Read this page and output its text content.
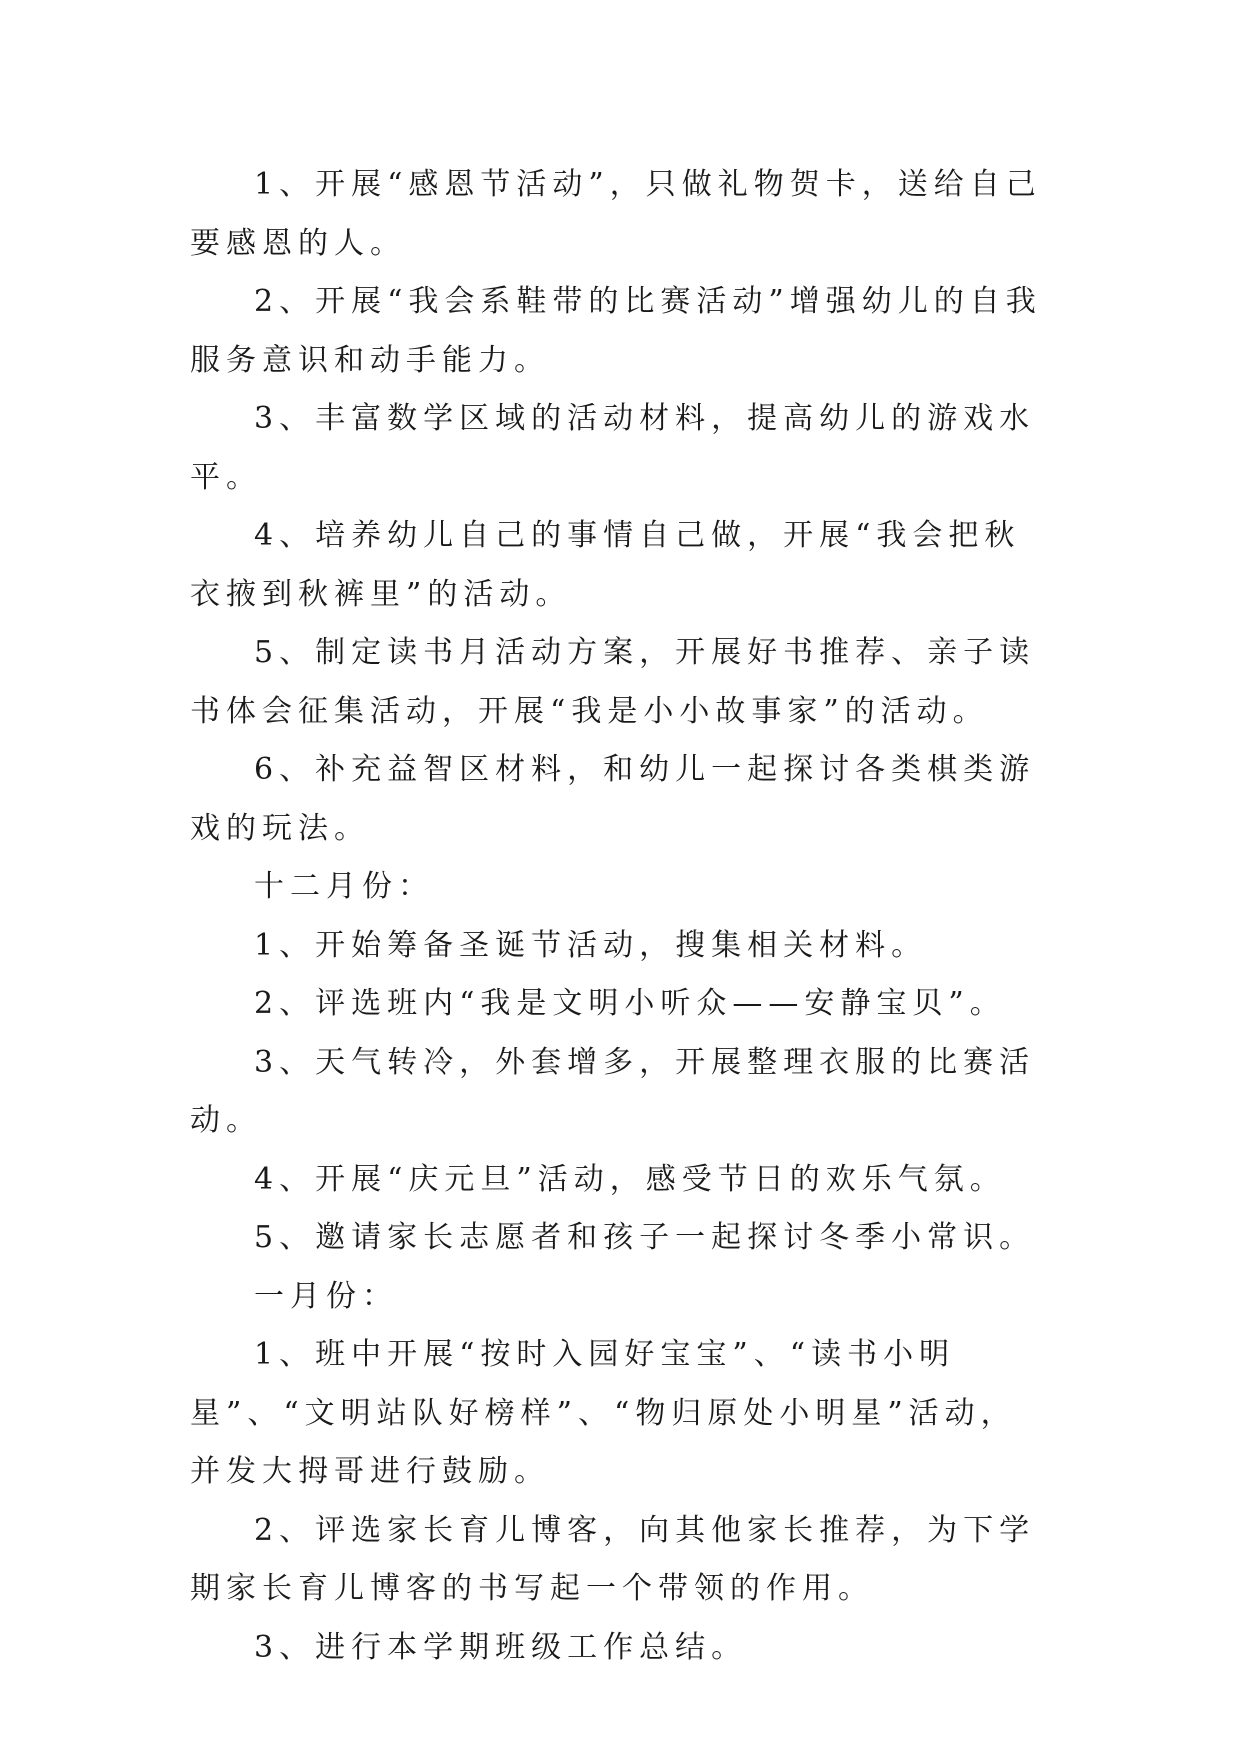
1、开展“感恩节活动”，只做礼物贺卡，送给自己要感恩的人。

2、开展“我会系鞋带的比赛活动”增强幼儿的自我服务意识和动手能力。

3、丰富数学区域的活动材料，提高幼儿的游戏水平。

4、培养幼儿自己的事情自己做，开展“我会把秋衣掖到秋裤里”的活动。

5、制定读书月活动方案，开展好书推荐、亲子读书体会征集活动，开展“我是小小故事家”的活动。

6、补充益智区材料，和幼儿一起探讨各类棋类游戏的玩法。

十二月份：

1、开始筹备圣诞节活动，搜集相关材料。

2、评选班内“我是文明小听众——安静宝贝”。

3、天气转冷，外套增多，开展整理衣服的比赛活动。

4、开展“庆元旦”活动，感受节日的欢乐气氛。

5、邀请家长志愿者和孩子一起探讨冬季小常识。

一月份：

1、班中开展“按时入园好宝宝”、“读书小明星”、“文明站队好榜样”、“物归原处小明星”活动，并发大拇哥进行鼓励。

2、评选家长育儿博客，向其他家长推荐，为下学期家长育儿博客的书写起一个带领的作用。

3、进行本学期班级工作总结。
